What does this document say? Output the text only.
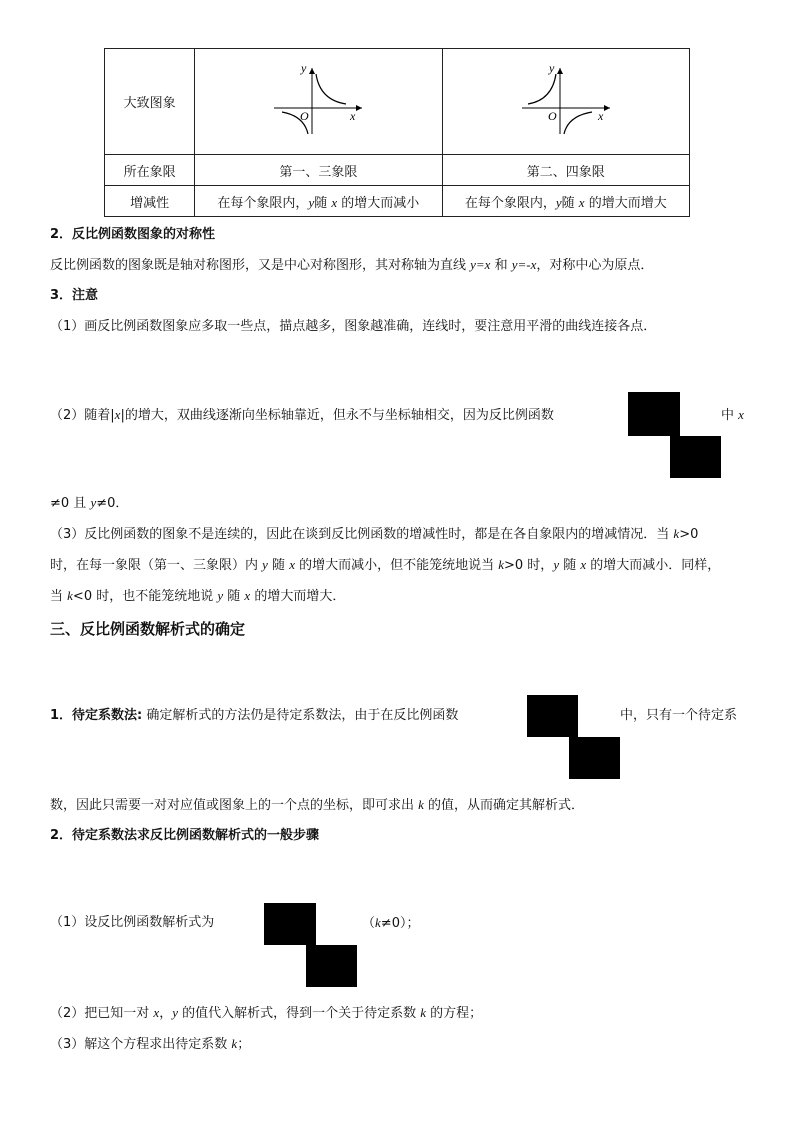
大致图象	y
x
O	y
x
O

所在象限	第一、三象限	第二、四象限
增减性	在每个象限内，y随 x 的增大而减小	在每个象限内，y随 x 的增大而增大
2．反比例函数图象的对称性
反比例函数的图象既是轴对称图形，又是中心对称图形，其对称轴为直线 y=x 和 y=-x，对称中心为原点．
3．注意
（1）画反比例函数图象应多取一些点，描点越多，图象越准确，连线时，要注意用平滑的曲线连接各点．
（2）随着|x|的增大，双曲线逐渐向坐标轴靠近，但永不与坐标轴相交，因为反比例函数	中 x
≠0 且 y≠0．
（3）反比例函数的图象不是连续的，因此在谈到反比例函数的增减性时，都是在各自象限内的增减情况．当 k>0
时，在每一象限（第一、三象限）内 y 随 x 的增大而减小，但不能笼统地说当 k>0 时，y 随 x 的增大而减小．同样，
当 k<0 时，也不能笼统地说 y 随 x 的增大而增大．
三、反比例函数解析式的确定
1．待定系数法: 确定解析式的方法仍是待定系数法，由于在反比例函数	中，只有一个待定系
数，因此只需要一对对应值或图象上的一个点的坐标，即可求出 k 的值，从而确定其解析式．
2．待定系数法求反比例函数解析式的一般步骤
（1）设反比例函数解析式为	（k≠0）；
（2）把已知一对 x，y 的值代入解析式，得到一个关于待定系数 k 的方程；
（3）解这个方程求出待定系数 k；
